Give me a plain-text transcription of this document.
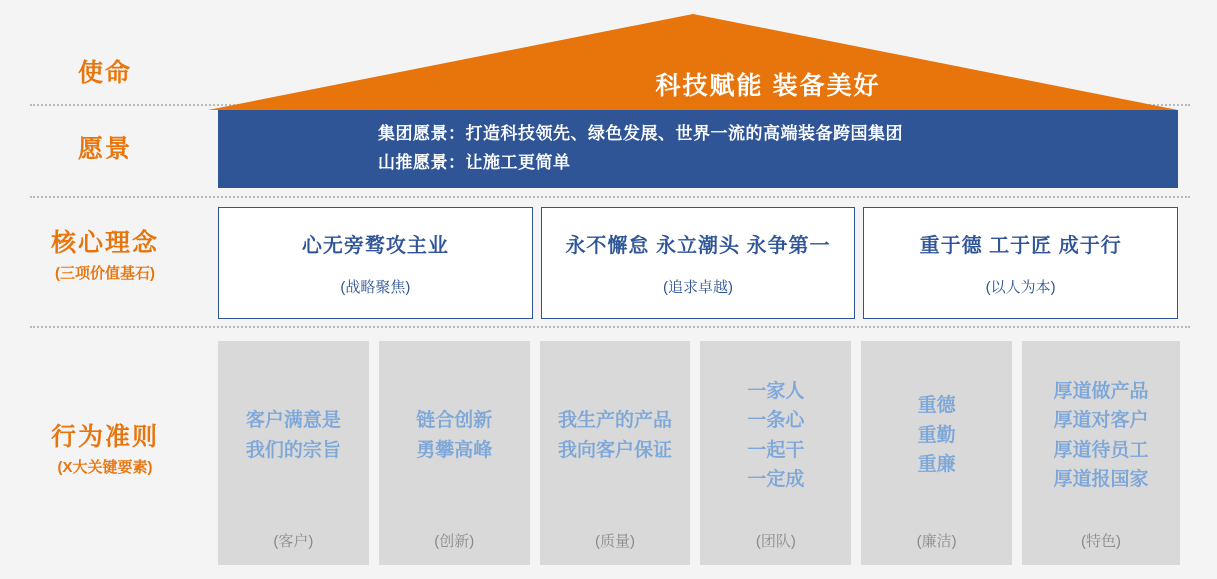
使命
愿景
核心理念
(三项价值基石)
行为准则
(X大关键要素)
科技赋能 装备美好
集团愿景：打造科技领先、绿色发展、世界一流的高端装备跨国集团
山推愿景：让施工更简单
心无旁骛攻主业
(战略聚焦)
永不懈怠 永立潮头 永争第一
(追求卓越)
重于德 工于匠 成于行
(以人为本)
客户满意是
我们的宗旨
(客户)
链合创新
勇攀高峰
(创新)
我生产的产品
我向客户保证
(质量)
一家人
一条心
一起干
一定成
(团队)
重德
重勤
重廉
(廉洁)
厚道做产品
厚道对客户
厚道待员工
厚道报国家
(特色)
